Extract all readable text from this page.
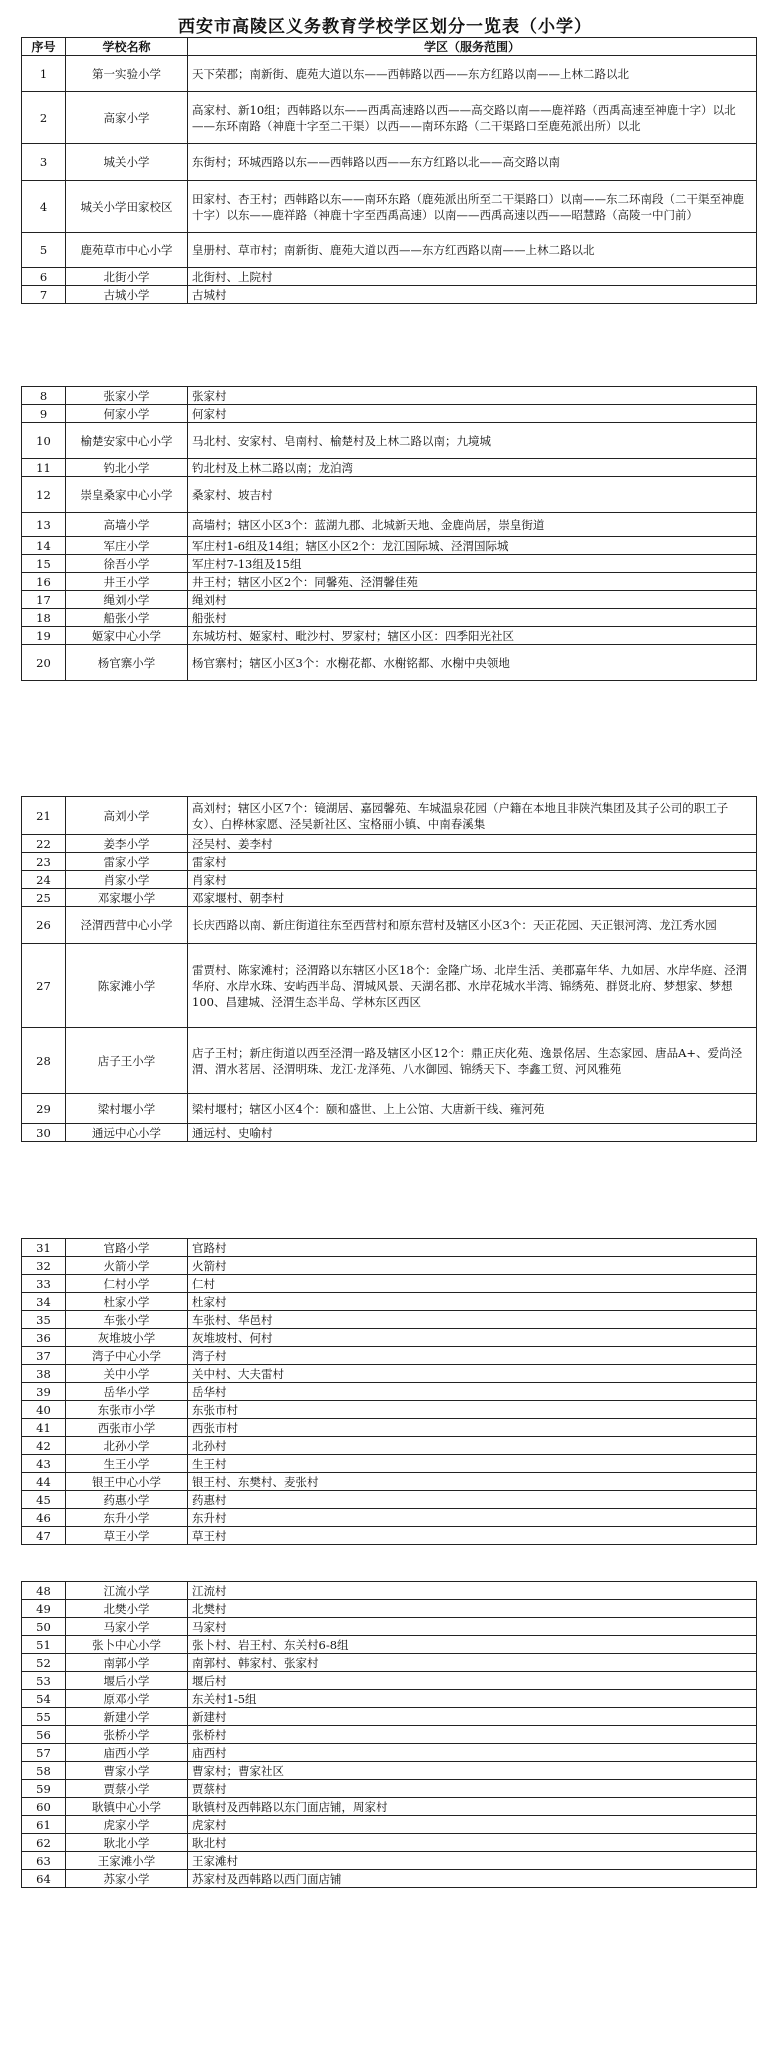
西安市高陵区义务教育学校学区划分一览表（小学）
序号	学校名称	学区（服务范围）
1	第一实验小学	天下荣郡；南新街、鹿苑大道以东——西韩路以西——东方红路以南——上林二路以北
2	高家小学	高家村、新10组；西韩路以东——西禹高速路以西——高交路以南——鹿祥路（西禹高速至神鹿十字）以北——东环南路（神鹿十字至二干渠）以西——南环东路（二干渠路口至鹿苑派出所）以北
3	城关小学	东街村；环城西路以东——西韩路以西——东方红路以北——高交路以南
4	城关小学田家校区	田家村、杏王村；西韩路以东——南环东路（鹿苑派出所至二干渠路口）以南——东二环南段（二干渠至神鹿十字）以东——鹿祥路（神鹿十字至西禹高速）以南——西禹高速以西——昭慧路（高陵一中门前）
5	鹿苑草市中心小学	皇册村、草市村；南新街、鹿苑大道以西——东方红西路以南——上林二路以北
6	北街小学	北街村、上院村
7	古城小学	古城村
8	张家小学	张家村
9	何家小学	何家村
10	榆楚安家中心小学	马北村、安家村、皂南村、榆楚村及上林二路以南；九境城
11	钓北小学	钓北村及上林二路以南；龙泊湾
12	崇皇桑家中心小学	桑家村、坡吉村
13	高墙小学	高墙村；辖区小区3个：蓝湖九郡、北城新天地、金鹿尚居，崇皇街道
14	军庄小学	军庄村1-6组及14组；辖区小区2个：龙江国际城、泾渭国际城
15	徐吾小学	军庄村7-13组及15组
16	井王小学	井王村；辖区小区2个：同馨苑、泾渭馨佳苑
17	绳刘小学	绳刘村
18	船张小学	船张村
19	姬家中心小学	东城坊村、姬家村、毗沙村、罗家村；辖区小区：四季阳光社区
20	杨官寨小学	杨官寨村；辖区小区3个：水榭花都、水榭铭都、水榭中央领地
21	高刘小学	高刘村；辖区小区7个：镜湖居、嘉园馨苑、车城温泉花园（户籍在本地且非陕汽集团及其子公司的职工子女）、白桦林家愿、泾吴新社区、宝格丽小镇、中南春溪集
22	姜李小学	泾吴村、姜李村
23	雷家小学	雷家村
24	肖家小学	肖家村
25	邓家堰小学	邓家堰村、朝李村
26	泾渭西营中心小学	长庆西路以南、新庄街道往东至西营村和原东营村及辖区小区3个：天正花园、天正银河湾、龙江秀水园
27	陈家滩小学	雷贾村、陈家滩村；泾渭路以东辖区小区18个：金隆广场、北岸生活、美郡嘉年华、九如居、水岸华庭、泾渭华府、水岸水珠、安屿西半岛、渭城风景、天湖名郡、水岸花城水半湾、锦绣苑、群贤北府、梦想家、梦想100、昌建城、泾渭生态半岛、学林东区西区
28	店子王小学	店子王村；新庄街道以西至泾渭一路及辖区小区12个：鼎正庆化苑、逸景佲居、生态家园、唐品A+、爱尚泾渭、渭水茗居、泾渭明珠、龙江·龙泽苑、八水御园、锦绣天下、李鑫工贸、河风雅苑
29	梁村堰小学	梁村堰村；辖区小区4个：颐和盛世、上上公馆、大唐新干线、雍河苑
30	通远中心小学	通远村、史喻村
31	官路小学	官路村
32	火箭小学	火箭村
33	仁村小学	仁村
34	杜家小学	杜家村
35	车张小学	车张村、华邑村
36	灰堆坡小学	灰堆坡村、何村
37	湾子中心小学	湾子村
38	关中小学	关中村、大夫雷村
39	岳华小学	岳华村
40	东张市小学	东张市村
41	西张市小学	西张市村
42	北孙小学	北孙村
43	生王小学	生王村
44	银王中心小学	银王村、东樊村、麦张村
45	药惠小学	药惠村
46	东升小学	东升村
47	草王小学	草王村
48	江流小学	江流村
49	北樊小学	北樊村
50	马家小学	马家村
51	张卜中心小学	张卜村、岩王村、东关村6-8组
52	南郭小学	南郭村、韩家村、张家村
53	堰后小学	堰后村
54	原邓小学	东关村1-5组
55	新建小学	新建村
56	张桥小学	张桥村
57	庙西小学	庙西村
58	曹家小学	曹家村；曹家社区
59	贾蔡小学	贾蔡村
60	耿镇中心小学	耿镇村及西韩路以东门面店铺，周家村
61	虎家小学	虎家村
62	耿北小学	耿北村
63	王家滩小学	王家滩村
64	苏家小学	苏家村及西韩路以西门面店铺
